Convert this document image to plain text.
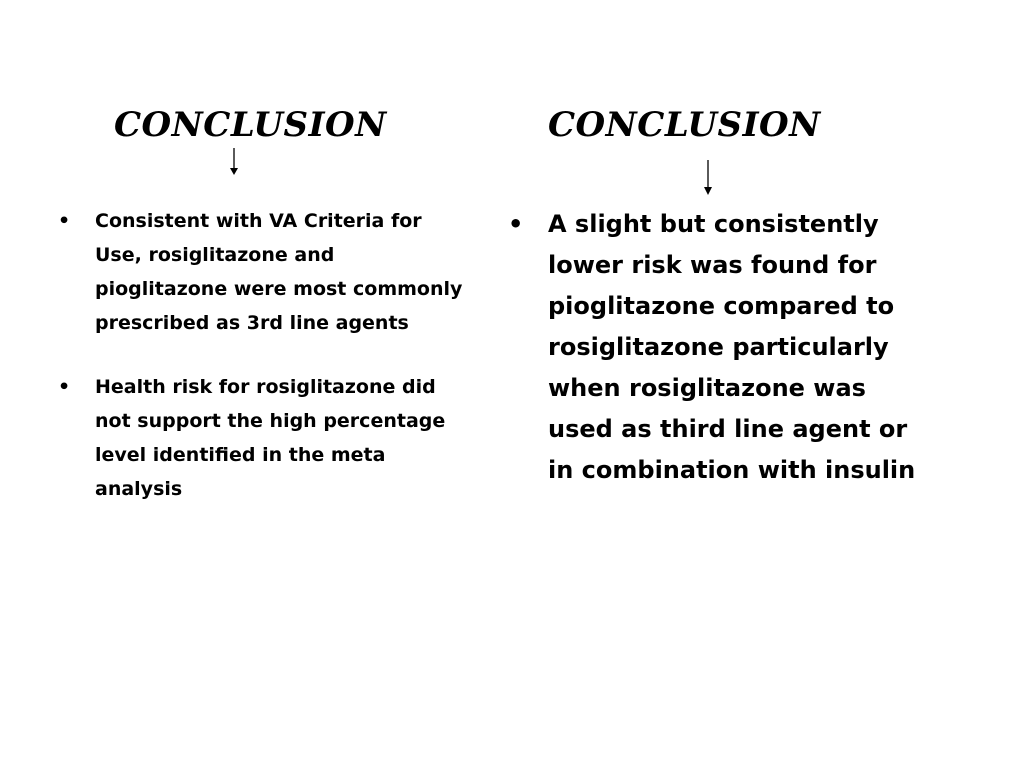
CONCLUSION
• Consistent with VA Criteria for Use, rosiglitazone and pioglitazone were most commonly prescribed as 3rd line agents
• Health risk for rosiglitazone did not support the high percentage level identified in the meta analysis
CONCLUSION
• A slight but consistently lower risk was found for pioglitazone compared to rosiglitazone particularly when rosiglitazone was used as third line agent or in combination with insulin
